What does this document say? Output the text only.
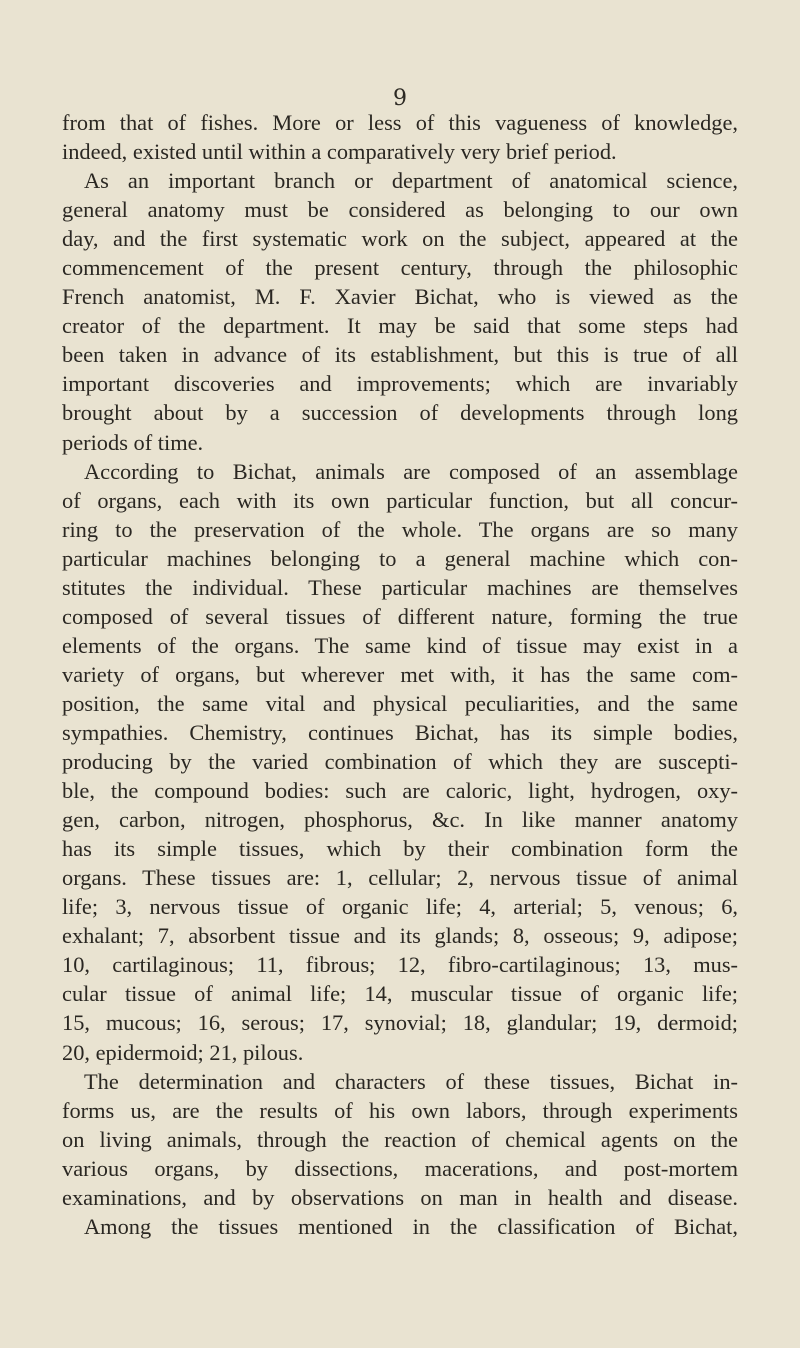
9
from that of fishes. More or less of this vagueness of knowledge,
indeed, existed until within a comparatively very brief period.
As an important branch or department of anatomical science,
general anatomy must be considered as belonging to our own
day, and the first systematic work on the subject, appeared at the
commencement of the present century, through the philosophic
French anatomist, M. F. Xavier Bichat, who is viewed as the
creator of the department. It may be said that some steps had
been taken in advance of its establishment, but this is true of all
important discoveries and improvements; which are invariably
brought about by a succession of developments through long
periods of time.
According to Bichat, animals are composed of an assemblage
of organs, each with its own particular function, but all concur-
ring to the preservation of the whole. The organs are so many
particular machines belonging to a general machine which con-
stitutes the individual. These particular machines are themselves
composed of several tissues of different nature, forming the true
elements of the organs. The same kind of tissue may exist in a
variety of organs, but wherever met with, it has the same com-
position, the same vital and physical peculiarities, and the same
sympathies. Chemistry, continues Bichat, has its simple bodies,
producing by the varied combination of which they are suscepti-
ble, the compound bodies: such are caloric, light, hydrogen, oxy-
gen, carbon, nitrogen, phosphorus, &c. In like manner anatomy
has its simple tissues, which by their combination form the
organs. These tissues are: 1, cellular; 2, nervous tissue of animal
life; 3, nervous tissue of organic life; 4, arterial; 5, venous; 6,
exhalant; 7, absorbent tissue and its glands; 8, osseous; 9, adipose;
10, cartilaginous; 11, fibrous; 12, fibro-cartilaginous; 13, mus-
cular tissue of animal life; 14, muscular tissue of organic life;
15, mucous; 16, serous; 17, synovial; 18, glandular; 19, dermoid;
20, epidermoid; 21, pilous.
The determination and characters of these tissues, Bichat in-
forms us, are the results of his own labors, through experiments
on living animals, through the reaction of chemical agents on the
various organs, by dissections, macerations, and post-mortem
examinations, and by observations on man in health and disease.
Among the tissues mentioned in the classification of Bichat,
